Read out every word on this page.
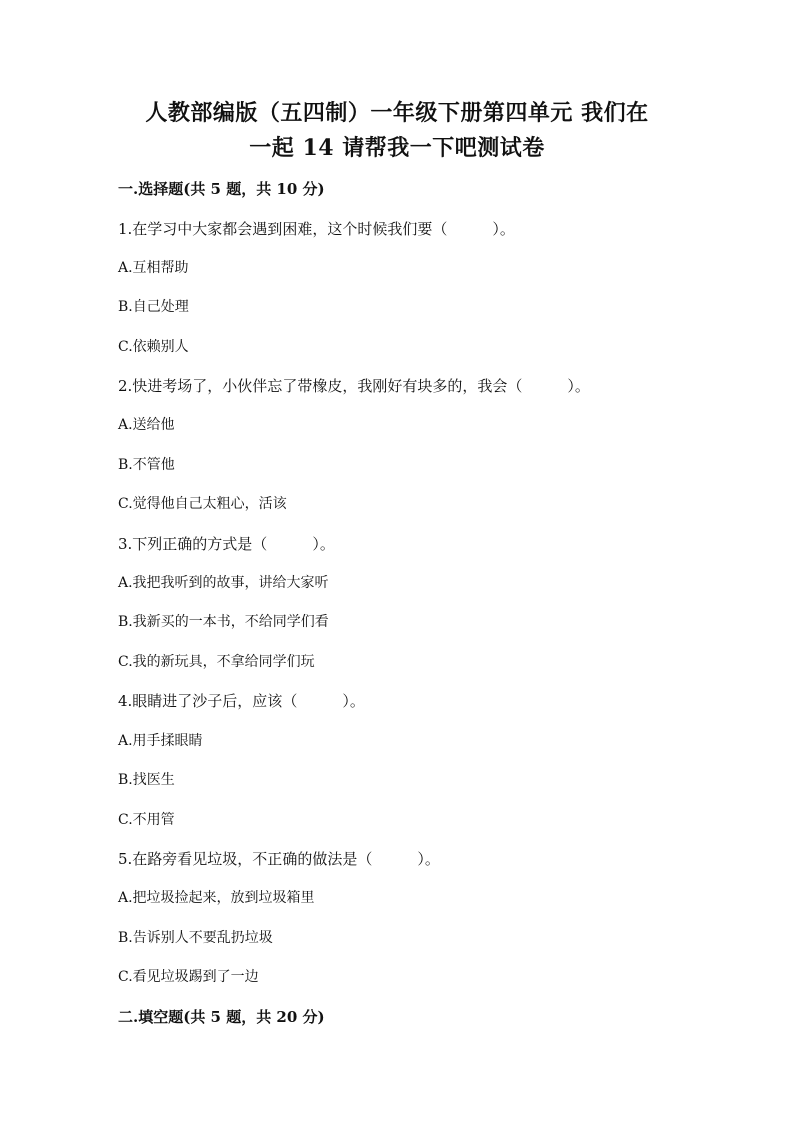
人教部编版（五四制）一年级下册第四单元 我们在
一起 14 请帮我一下吧测试卷
一.选择题(共 5 题，共 10 分)
1.在学习中大家都会遇到困难，这个时候我们要（　　　）。
A.互相帮助
B.自己处理
C.依赖别人
2.快进考场了，小伙伴忘了带橡皮，我刚好有块多的，我会（　　　）。
A.送给他
B.不管他
C.觉得他自己太粗心，活该
3.下列正确的方式是（　　　）。
A.我把我听到的故事，讲给大家听
B.我新买的一本书，不给同学们看
C.我的新玩具，不拿给同学们玩
4.眼睛进了沙子后，应该（　　　）。
A.用手揉眼睛
B.找医生
C.不用管
5.在路旁看见垃圾，不正确的做法是（　　　）。
A.把垃圾捡起来，放到垃圾箱里
B.告诉别人不要乱扔垃圾
C.看见垃圾踢到了一边
二.填空题(共 5 题，共 20 分)
